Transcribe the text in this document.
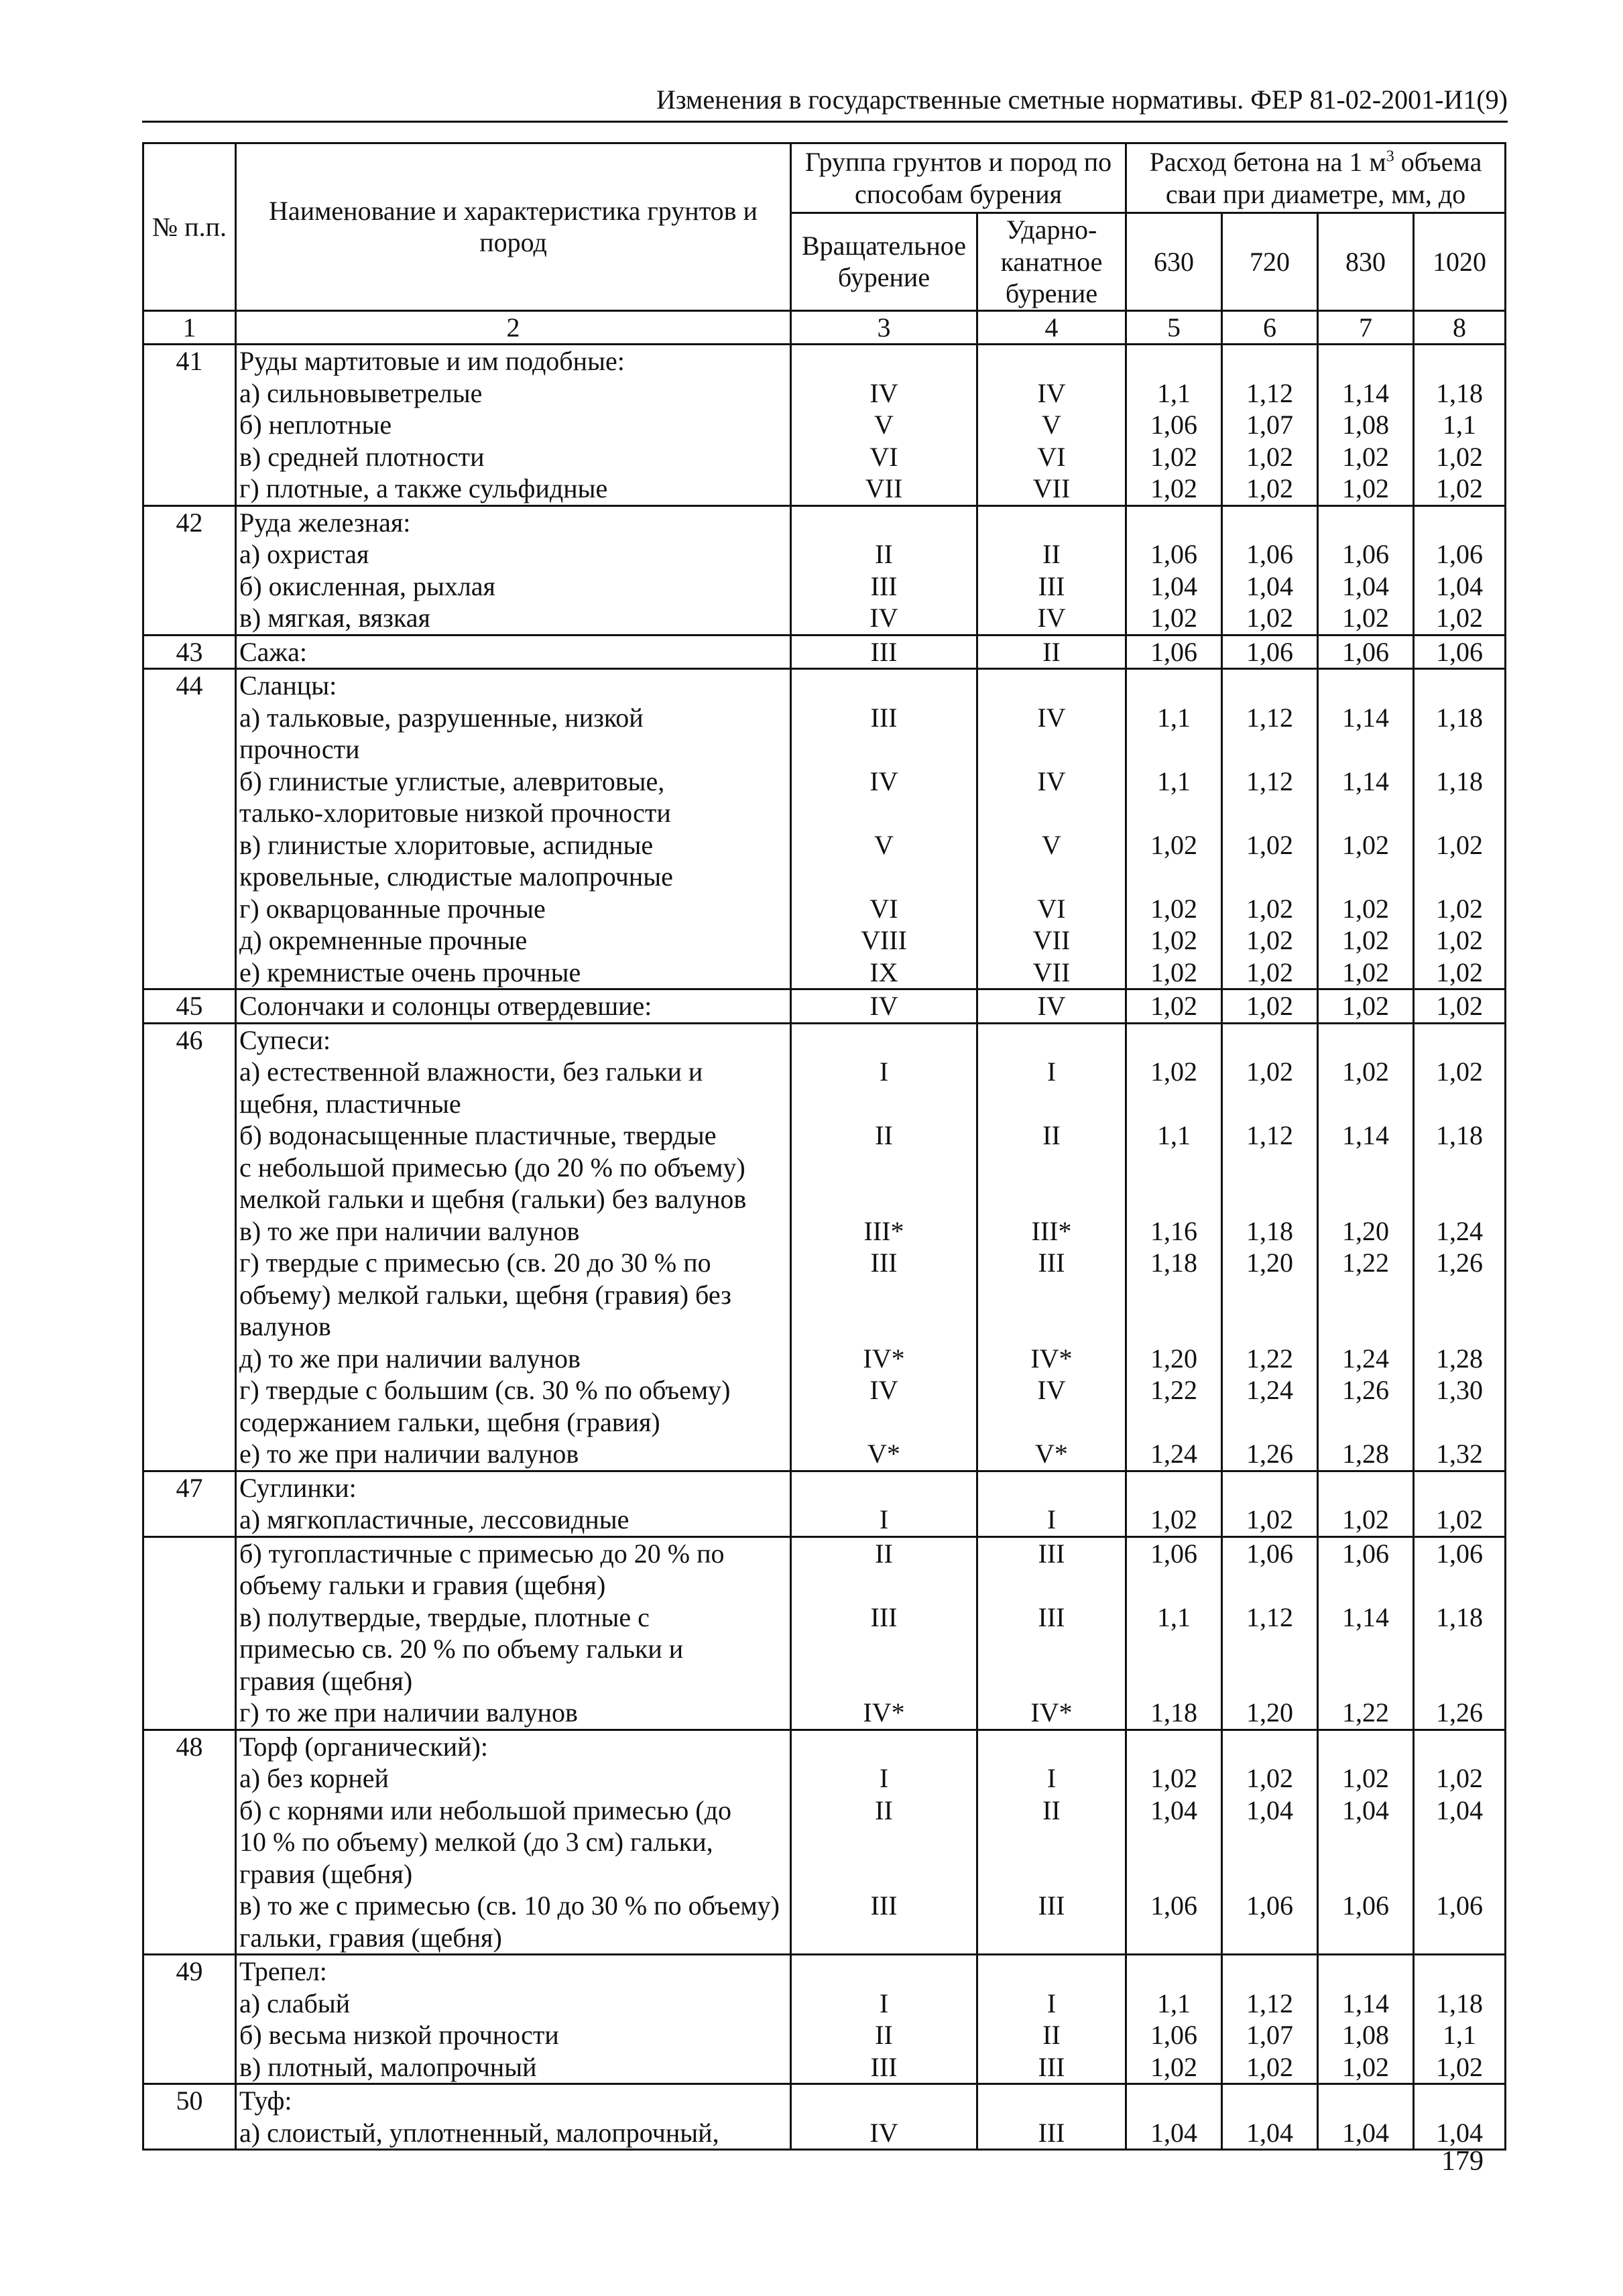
Изменения в государственные сметные нормативы. ФЕР 81-02-2001-И1(9)
№ п.п.	Наименование и характеристика грунтов и пород	Группа грунтов и пород по способам бурения		Расход бетона на 1 $м^3$ объема сваи при диаметре, мм, до			
		Вращательное бурение	Ударно-канатное бурение	630	720	830	1020
1	2	3	4	5	6	7	8
41	Руды мартитовые и им подобные:						

	а) сильновыветрелые	IV	IV	1,1	1,12	1,14	1,18

	б) неплотные	V	V	1,06	1,07	1,08	1,1

	в) средней плотности	VI	VI	1,02	1,02	1,02	1,02

	г) плотные, а также сульфидные	VII	VII	1,02	1,02	1,02	1,02
42	Руда железная:						

	а) охристая	II	II	1,06	1,06	1,06	1,06

	б) окисленная, рыхлая	III	III	1,04	1,04	1,04	1,04

	в) мягкая, вязкая	IV	IV	1,02	1,02	1,02	1,02
43	Сажа:	III	II	1,06	1,06	1,06	1,06
44	Сланцы:						

	а) тальковые, разрушенные, низкой
прочности	III	IV	1,1	1,12	1,14	1,18

	б) глинистые углистые, алевритовые,
талько-хлоритовые низкой прочности	IV	IV	1,1	1,12	1,14	1,18

	в) глинистые хлоритовые, аспидные
кровельные, слюдистые малопрочные	V	V	1,02	1,02	1,02	1,02

	г) окварцованные прочные	VI	VI	1,02	1,02	1,02	1,02

	д) окремненные прочные	VIII	VII	1,02	1,02	1,02	1,02

	е) кремнистые очень прочные	IX	VII	1,02	1,02	1,02	1,02
45	Солончаки и солонцы отвердевшие:	IV	IV	1,02	1,02	1,02	1,02
46	Супеси:						

	а) естественной влажности, без гальки и
щебня, пластичные	I	I	1,02	1,02	1,02	1,02

	б) водонасыщенные пластичные, твердые
с небольшой примесью (до 20 % по объему)
мелкой гальки и щебня (гальки) без валунов	II	II	1,1	1,12	1,14	1,18

	в) то же при наличии валунов	III*	III*	1,16	1,18	1,20	1,24

	г) твердые с примесью (св. 20 до 30 % по
объему) мелкой гальки, щебня (гравия) без
валунов	III	III	1,18	1,20	1,22	1,26

	д) то же при наличии валунов	IV*	IV*	1,20	1,22	1,24	1,28

	г) твердые с большим (св. 30 % по объему)
содержанием гальки, щебня (гравия)	IV	IV	1,22	1,24	1,26	1,30

	е) то же при наличии валунов	V*	V*	1,24	1,26	1,28	1,32
47	Суглинки:						

	а) мягкопластичные, лессовидные	I	I	1,02	1,02	1,02	1,02

	б) тугопластичные с примесью до 20 % по
объему гальки и гравия (щебня)	II	III	1,06	1,06	1,06	1,06

	в) полутвердые, твердые, плотные с
примесью св. 20 % по объему гальки и
гравия (щебня)	III	III	1,1	1,12	1,14	1,18

	г) то же при наличии валунов	IV*	IV*	1,18	1,20	1,22	1,26
48	Торф (органический):						

	а) без корней	I	I	1,02	1,02	1,02	1,02

	б) с корнями или небольшой примесью (до
10 % по объему) мелкой (до 3 см) гальки,
гравия (щебня)	II	II	1,04	1,04	1,04	1,04

	в) то же с примесью (св. 10 до 30 % по объему)
гальки, гравия (щебня)	III	III	1,06	1,06	1,06	1,06
49	Трепел:						

	а) слабый	I	I	1,1	1,12	1,14	1,18

	б) весьма низкой прочности	II	II	1,06	1,07	1,08	1,1

	в) плотный, малопрочный	III	III	1,02	1,02	1,02	1,02
50	Туф:						

	а) слоистый, уплотненный, малопрочный,	IV	III	1,04	1,04	1,04	1,04
179
